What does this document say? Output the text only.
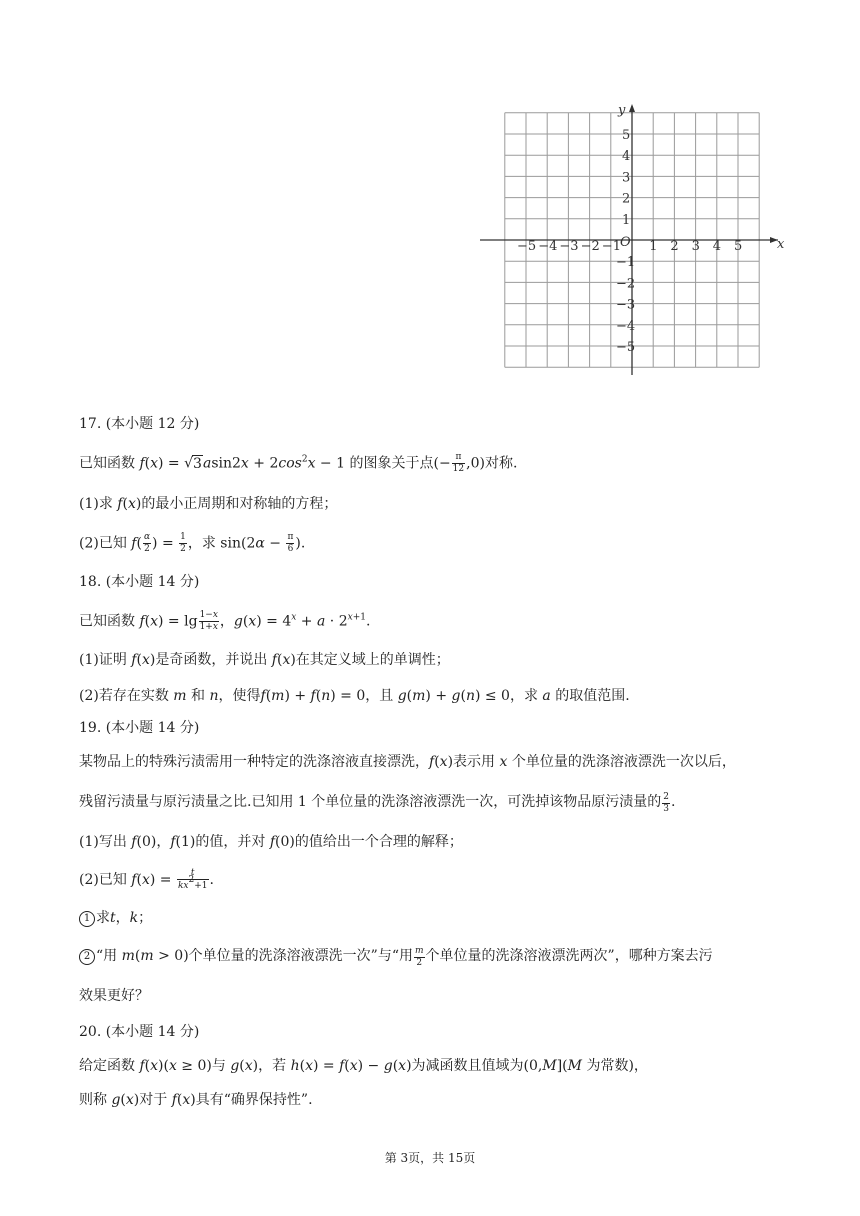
x
y
O
−5 −4 −3 −2 −1 1 2 3 4 5
5
4
3
2
1
−1
−2
−3
−4
−5
17. (本小题 12 分)
已知函数 $f(x) = √3asin2x + 2\cos^2x - 1$ 的图象关于点(− $\frac{\pi}{12} ,0$)对称.
(1)求 f(x)的最小正周期和对称轴的方程；
(2)已知 $f( \frac{\alpha}{2}$ ) = $\frac{1}{2}$ ，求 $\sin(2\alpha - \frac{\pi}{6}$ ).
18. (本小题 14 分)
已知函数 $f(x) = \lg \frac{1-x}{1+x}$ ，$g(x) = 4^x + a \cdot 2^{x+1}$.
(1)证明 f(x)是奇函数，并说出 f(x)在其定义域上的单调性；
(2)若存在实数 m 和 n，使得f(m) + f(n) = 0，且 g(m) + g(n) ≤ 0，求 a 的取值范围.
19. (本小题 14 分)
某物品上的特殊污渍需用一种特定的洗涤溶液直接漂洗，f(x)表示用 x 个单位量的洗涤溶液漂洗一次以后，
残留污渍量与原污渍量之比.已知用 1 个单位量的洗涤溶液漂洗一次，可洗掉该物品原污渍量的 $\frac{2}{3}$ .
(1)写出 f(0)，f(1)的值，并对 f(0)的值给出一个合理的解释；
(2)已知 $f(x) = \frac{t}{kx^2+1}$ .
1 求t，k；
2 “用 m(m > 0)个单位量的洗涤溶液漂洗一次”与“用 $\frac{m}{2}$ 个单位量的洗涤溶液漂洗两次”，哪种方案去污
效果更好？
20. (本小题 14 分)
给定函数 f(x)(x ≥ 0)与 g(x)，若 h(x) = f(x) − g(x)为减函数且值域为(0,M](M 为常数)，
则称 g(x)对于 f(x)具有“确界保持性”.
第 3页，共 15页
